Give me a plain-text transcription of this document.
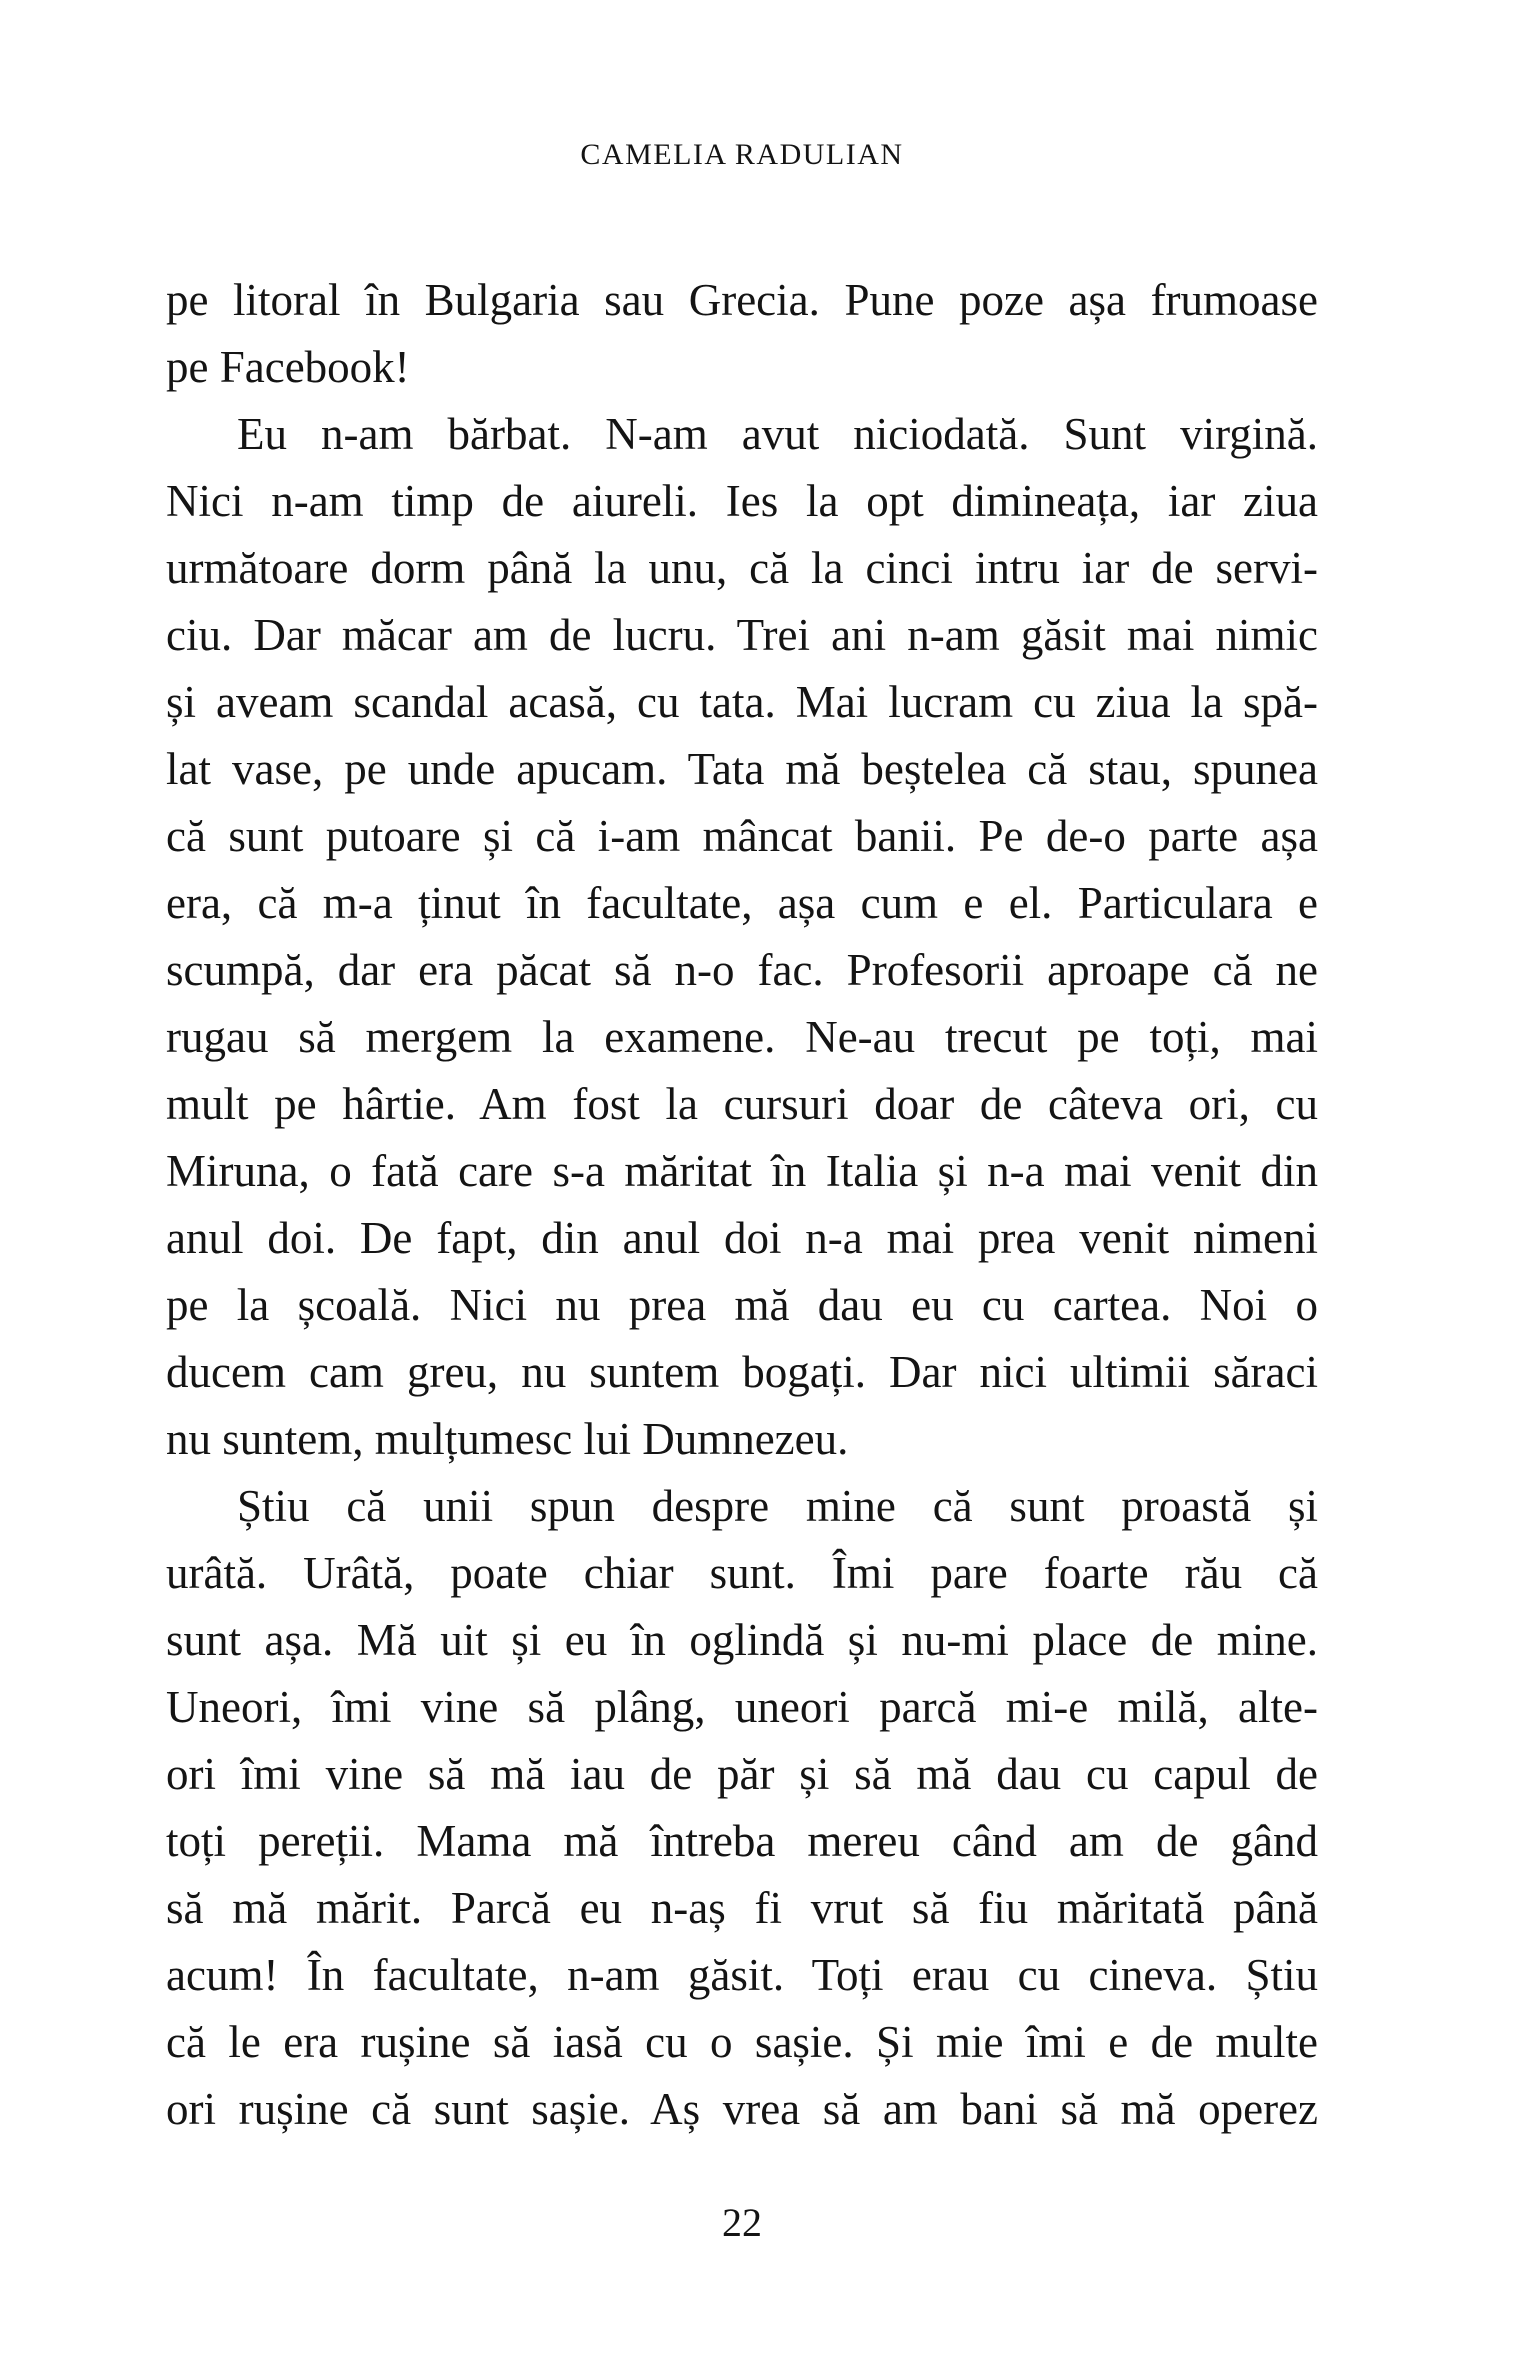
CAMELIA RADULIAN
pe litoral în Bulgaria sau Grecia. Pune poze așa frumoase
pe Facebook!
Eu n-am bărbat. N-am avut niciodată. Sunt virgină.
Nici n-am timp de aiureli. Ies la opt dimineața, iar ziua
următoare dorm până la unu, că la cinci intru iar de servi-
ciu. Dar măcar am de lucru. Trei ani n-am găsit mai nimic
și aveam scandal acasă, cu tata. Mai lucram cu ziua la spă-
lat vase, pe unde apucam. Tata mă beștelea că stau, spunea
că sunt putoare și că i-am mâncat banii. Pe de-o parte așa
era, că m-a ținut în facultate, așa cum e el. Particulara e
scumpă, dar era păcat să n-o fac. Profesorii aproape că ne
rugau să mergem la examene. Ne-au trecut pe toți, mai
mult pe hârtie. Am fost la cursuri doar de câteva ori, cu
Miruna, o fată care s-a măritat în Italia și n-a mai venit din
anul doi. De fapt, din anul doi n-a mai prea venit nimeni
pe la școală. Nici nu prea mă dau eu cu cartea. Noi o
ducem cam greu, nu suntem bogați. Dar nici ultimii săraci
nu suntem, mulțumesc lui Dumnezeu.
Știu că unii spun despre mine că sunt proastă și
urâtă. Urâtă, poate chiar sunt. Îmi pare foarte rău că
sunt așa. Mă uit și eu în oglindă și nu-mi place de mine.
Uneori, îmi vine să plâng, uneori parcă mi-e milă, alte-
ori îmi vine să mă iau de păr și să mă dau cu capul de
toți pereții. Mama mă întreba mereu când am de gând
să mă mărit. Parcă eu n-aș fi vrut să fiu măritată până
acum! În facultate, n-am găsit. Toți erau cu cineva. Știu
că le era rușine să iasă cu o sașie. Și mie îmi e de multe
ori rușine că sunt sașie. Aș vrea să am bani să mă operez
22
